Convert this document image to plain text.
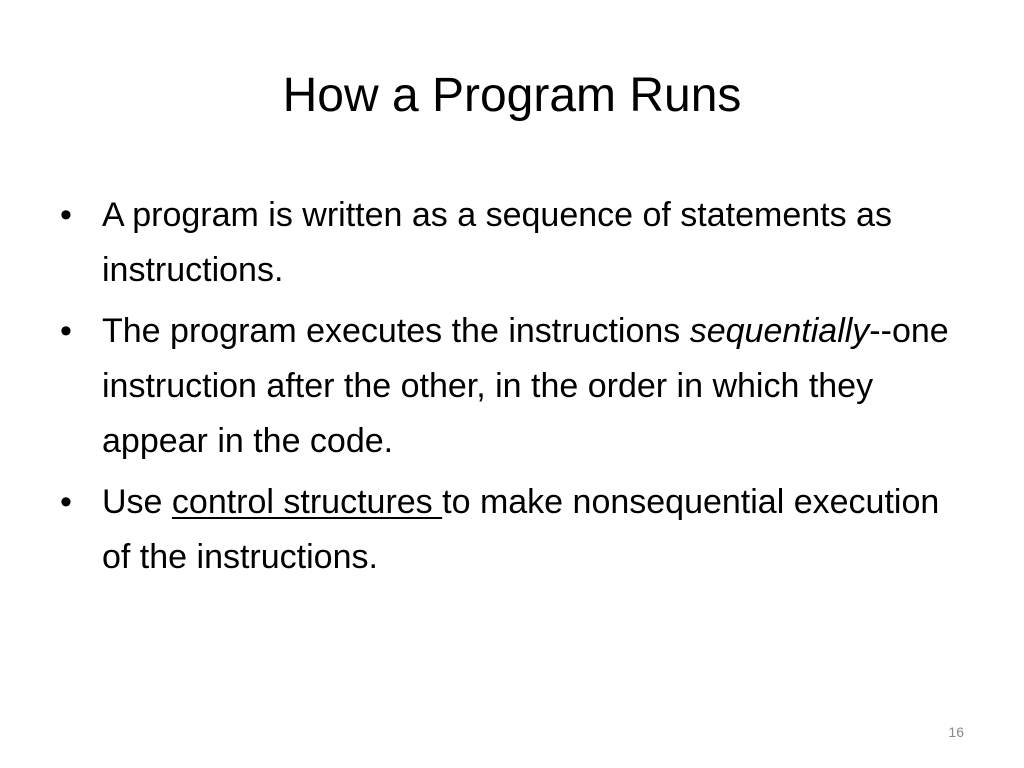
How a Program Runs
• A program is written as a sequence of statements as instructions.
• The program executes the instructions sequentially--one instruction after the other, in the order in which they appear in the code.
• Use control structures to make nonsequential execution of the instructions.
16
